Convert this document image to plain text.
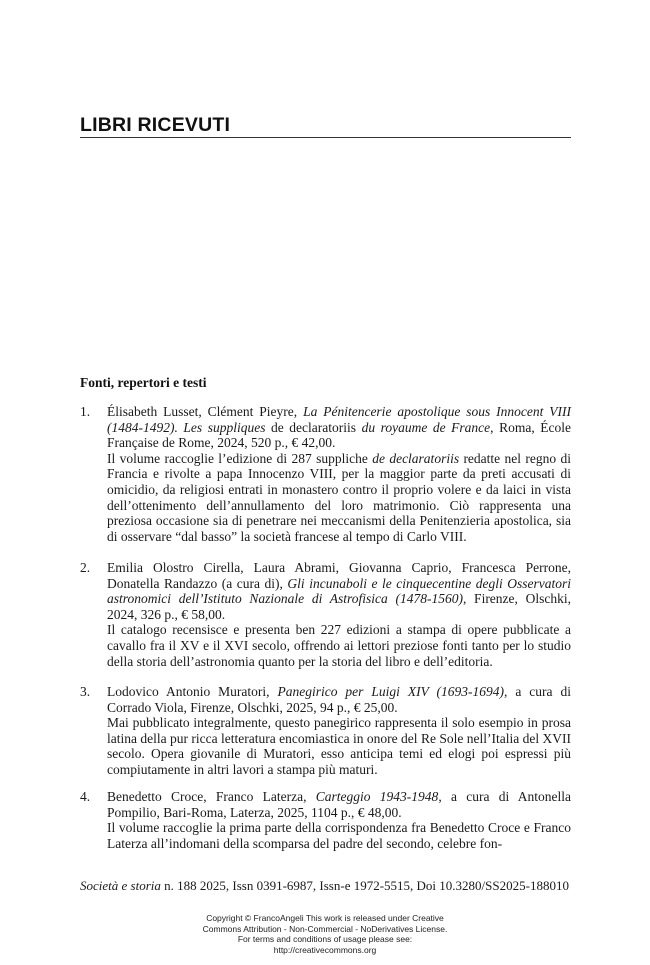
LIBRI RICEVUTI
Fonti, repertori e testi
1. Élisabeth Lusset, Clément Pieyre, La Pénitencerie apostolique sous Innocent VIII (1484-1492). Les suppliques de declaratoriis du royaume de France, Roma, École Française de Rome, 2024, 520 p., € 42,00.

Il volume raccoglie l’edizione di 287 suppliche de declaratoriis redatte nel regno di Francia e rivolte a papa Innocenzo VIII, per la maggior parte da preti accusati di omicidio, da religiosi entrati in monastero contro il proprio volere e da laici in vista dell’ottenimento dell’annullamento del loro matrimonio. Ciò rappresenta una preziosa occasione sia di penetrare nei meccanismi della Penitenzieria apostolica, sia di osservare “dal basso” la società francese al tempo di Carlo VIII.

2. Emilia Olostro Cirella, Laura Abrami, Giovanna Caprio, Francesca Perrone, Donatella Randazzo (a cura di), Gli incunaboli e le cinquecentine degli Osservatori astronomici dell’Istituto Nazionale di Astrofisica (1478-1560), Firenze, Olschki, 2024, 326 p., € 58,00.

Il catalogo recensisce e presenta ben 227 edizioni a stampa di opere pubblicate a cavallo fra il XV e il XVI secolo, offrendo ai lettori preziose fonti tanto per lo studio della storia dell’astronomia quanto per la storia del libro e dell’editoria.

3. Lodovico Antonio Muratori, Panegirico per Luigi XIV (1693-1694), a cura di Corrado Viola, Firenze, Olschki, 2025, 94 p., € 25,00.

Mai pubblicato integralmente, questo panegirico rappresenta il solo esempio in prosa latina della pur ricca letteratura encomiastica in onore del Re Sole nell’Italia del XVII secolo. Opera giovanile di Muratori, esso anticipa temi ed elogi poi espressi più compiutamente in altri lavori a stampa più maturi.

4. Benedetto Croce, Franco Laterza, Carteggio 1943-1948, a cura di Antonella Pompilio, Bari-Roma, Laterza, 2025, 1104 p., € 48,00.

Il volume raccoglie la prima parte della corrispondenza fra Benedetto Croce e Franco Laterza all’indomani della scomparsa del padre del secondo, celebre fon-

Società e storia n. 188 2025, Issn 0391-6987, Issn-e 1972-5515, Doi 10.3280/SS2025-188010
Copyright © FrancoAngeli This work is released under Creative
Commons Attribution - Non-Commercial - NoDerivatives License.
For terms and conditions of usage please see:
http://creativecommons.org
